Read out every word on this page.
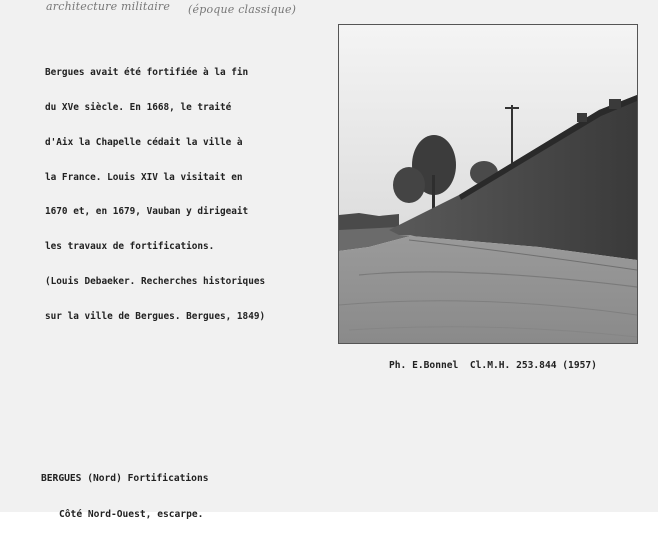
architecture militaire (époque classique)

Bergues avait été fortifiée à la fin

du XVe siècle. En 1668, le traité

d'Aix la Chapelle cédait la ville à

la France. Louis XIV la visitait en

1670 et, en 1679, Vauban y dirigeait

les travaux de fortifications.

(Louis Debaeker. Recherches historiques

sur la ville de Bergues. Bergues, 1849)

Ph. E.Bonnel  Cl.M.H. 253.844 (1957)

BERGUES (Nord) Fortifications

Côté Nord-Ouest, escarpe.
